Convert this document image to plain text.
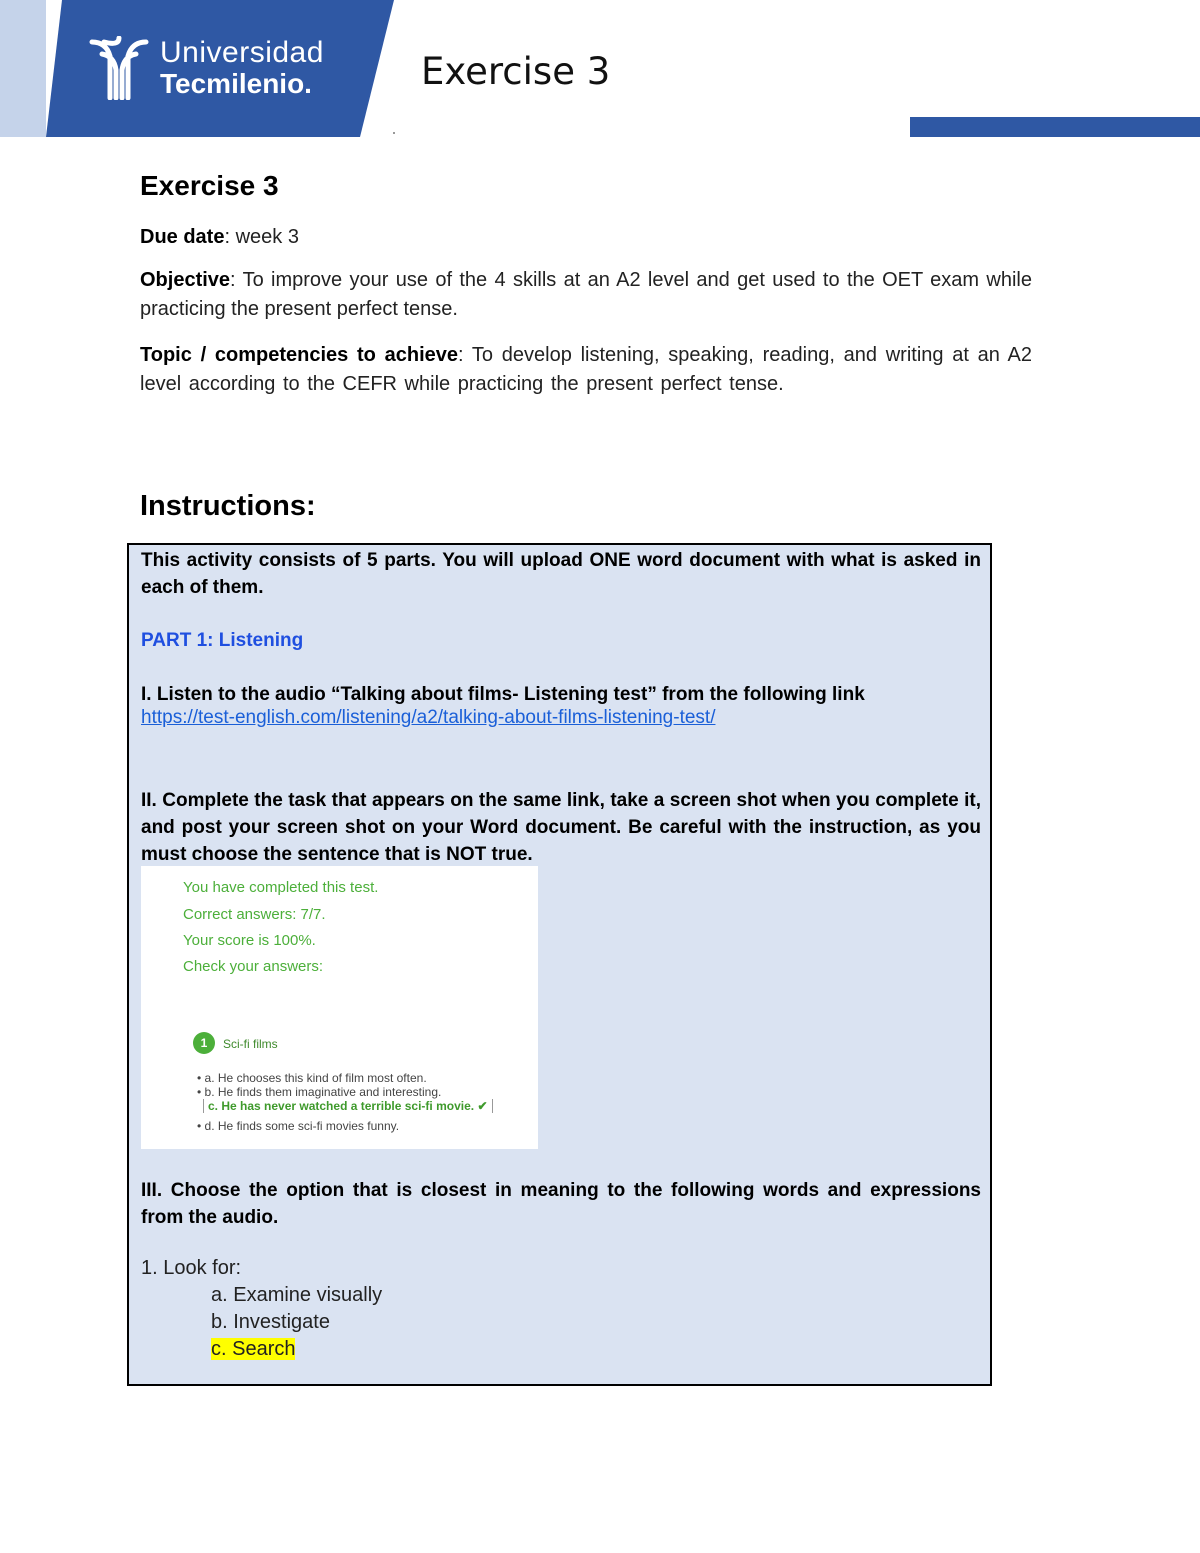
Universidad
Tecmilenio.	Exercise 3
Exercise 3
Due date: week 3
Objective: To improve your use of the 4 skills at an A2 level and get used to the OET exam while practicing the present perfect tense.
Topic / competencies to achieve: To develop listening, speaking, reading, and writing at an A2 level according to the CEFR while practicing the present perfect tense.
Instructions:
This activity consists of 5 parts. You will upload ONE word document with what is asked in each of them.
PART 1: Listening
I. Listen to the audio “Talking about films- Listening test” from the following link
https://test-english.com/listening/a2/talking-about-films-listening-test/
II. Complete the task that appears on the same link, take a screen shot when you complete it, and post your screen shot on your Word document. Be careful with the instruction, as you must choose the sentence that is NOT true.
You have completed this test.
Correct answers: 7/7.
Your score is 100%.
Check your answers:
1	Sci-fi films
• a. He chooses this kind of film most often.
• b. He finds them imaginative and interesting.
c. He has never watched a terrible sci-fi movie. ✔
• d. He finds some sci-fi movies funny.
III. Choose the option that is closest in meaning to the following words and expressions from the audio.
1. Look for:
a. Examine visually
b. Investigate
c. Search
